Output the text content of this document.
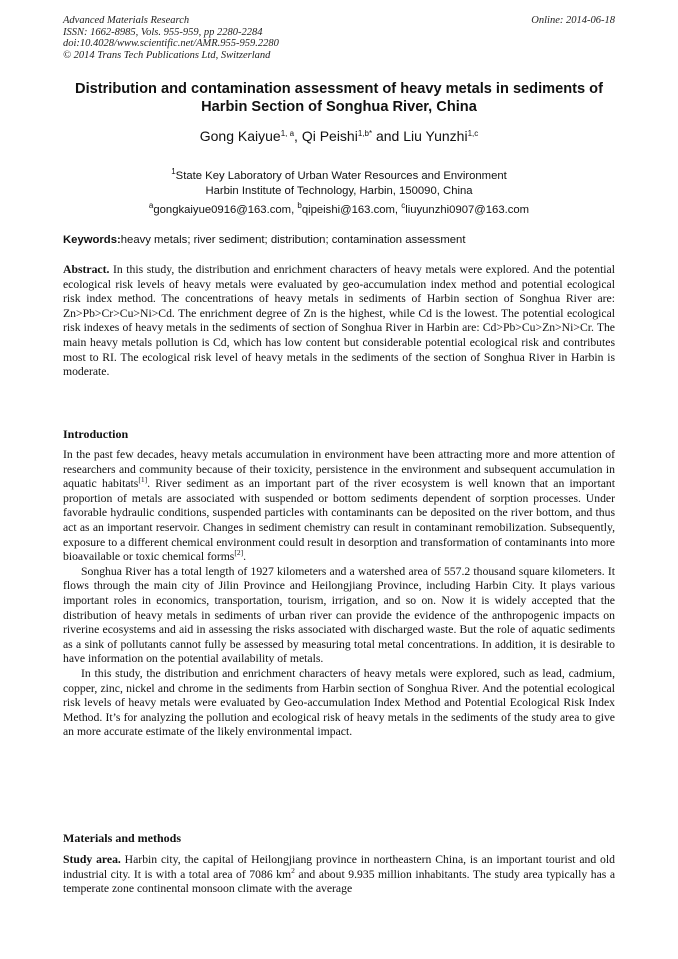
Advanced Materials Research
ISSN: 1662-8985, Vols. 955-959, pp 2280-2284
doi:10.4028/www.scientific.net/AMR.955-959.2280
© 2014 Trans Tech Publications Ltd, Switzerland
Online: 2014-06-18
Distribution and contamination assessment of heavy metals in sediments of Harbin Section of Songhua River, China
Gong Kaiyue$^{1, a}$, Qi Peishi$^{1,b*}$ and Liu Yunzhi$^{1,c}$
$^1$State Key Laboratory of Urban Water Resources and Environment
Harbin Institute of Technology, Harbin, 150090, China
$^a$gongkaiyue0916@163.com, $^b$qipeishi@163.com, $^c$liuyunzhi0907@163.com
Keywords:heavy metals; river sediment; distribution; contamination assessment

Abstract. In this study, the distribution and enrichment characters of heavy metals were explored. And the potential ecological risk levels of heavy metals were evaluated by geo-accumulation index method and potential ecological risk index method. The concentrations of heavy metals in sediments of Harbin section of Songhua River are: Zn>Pb>Cr>Cu>Ni>Cd. The enrichment degree of Zn is the highest, while Cd is the lowest. The potential ecological risk indexes of heavy metals in the sediments of section of Songhua River in Harbin are: Cd>Pb>Cu>Zn>Ni>Cr. The main heavy metals pollution is Cd, which has low content but considerable potential ecological risk and contributes most to RI. The ecological risk level of heavy metals in the sediments of the section of Songhua River in Harbin is moderate.

Introduction

In the past few decades, heavy metals accumulation in environment have been attracting more and more attention of researchers and community because of their toxicity, persistence in the environment and subsequent accumulation in aquatic habitats[1]. River sediment as an important part of the river ecosystem is well known that an important proportion of metals are associated with suspended or bottom sediments dependent of sorption processes. Under favorable hydraulic conditions, suspended particles with contaminants can be deposited on the river bottom, and thus act as an important reservoir. Changes in sediment chemistry can result in contaminant remobilization. Subsequently, exposure to a different chemical environment could result in desorption and transformation of contaminants into more bioavailable or toxic chemical forms[2].

Songhua River has a total length of 1927 kilometers and a watershed area of 557.2 thousand square kilometers. It flows through the main city of Jilin Province and Heilongjiang Province, including Harbin City. It plays various important roles in economics, transportation, tourism, irrigation, and so on. Now it is widely accepted that the distribution of heavy metals in sediments of urban river can provide the evidence of the anthropogenic impacts on riverine ecosystems and aid in assessing the risks associated with discharged waste. But the role of aquatic sediments as a sink of pollutants cannot fully be assessed by measuring total metal concentrations. In addition, it is desirable to have information on the potential availability of metals.

In this study, the distribution and enrichment characters of heavy metals were explored, such as lead, cadmium, copper, zinc, nickel and chrome in the sediments from Harbin section of Songhua River. And the potential ecological risk levels of heavy metals were evaluated by Geo-accumulation Index Method and Potential Ecological Risk Index Method. It’s for analyzing the pollution and ecological risk of heavy metals in the sediments of the study area to give an more accurate estimate of the likely environmental impact.

Materials and methods

Study area. Harbin city, the capital of Heilongjiang province in northeastern China, is an important tourist and old industrial city. It is with a total area of 7086 km$^2$ and about 9.935 million inhabitants. The study area typically has a temperate zone continental monsoon climate with the average
